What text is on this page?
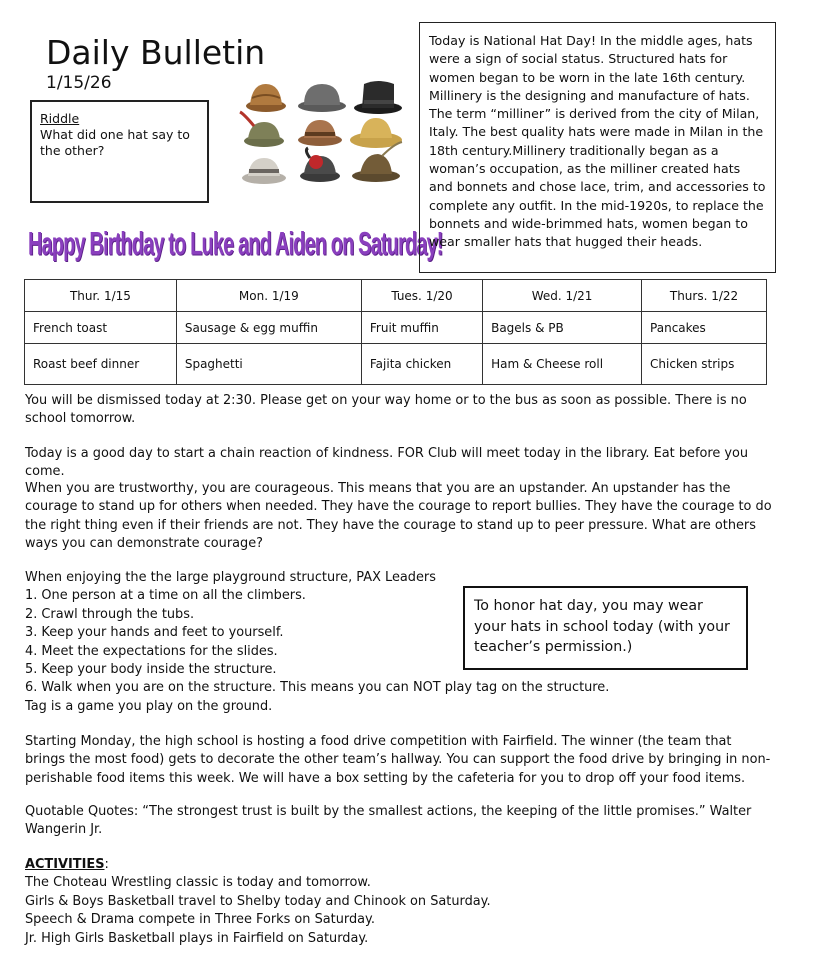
Daily Bulletin
1/15/26
Riddle
What did one hat say to the other?
Happy Birthday to Luke and Aiden on Saturday!
Today is National Hat Day! In the middle ages, hats were a sign of social status. Structured hats for women began to be worn in the late 16th century. Millinery is the designing and manufacture of hats. The term “milliner” is derived from the city of Milan, Italy. The best quality hats were made in Milan in the 18th century.Millinery traditionally began as a woman’s occupation, as the milliner created hats and bonnets and chose lace, trim, and accessories to complete any outfit. In the mid-1920s, to replace the bonnets and wide-brimmed hats, women began to wear smaller hats that hugged their heads.
Thur. 1/15	Mon. 1/19	Tues. 1/20	Wed. 1/21	Thurs. 1/22
French toast	Sausage & egg muffin	Fruit muffin	Bagels & PB	Pancakes
Roast beef dinner	Spaghetti	Fajita chicken	Ham & Cheese roll	Chicken strips
You will be dismissed today at 2:30. Please get on your way home or to the bus as soon as possible. There is no school tomorrow.
Today is a good day to start a chain reaction of kindness. FOR Club will meet today in the library. Eat before you come.
When you are trustworthy, you are courageous. This means that you are an upstander. An upstander has the courage to stand up for others when needed. They have the courage to report bullies. They have the courage to do the right thing even if their friends are not. They have the courage to stand up to peer pressure. What are others ways you can demonstrate courage?
When enjoying the the large playground structure, PAX Leaders
1. One person at a time on all the climbers.
2. Crawl through the tubs.
3. Keep your hands and feet to yourself.
4. Meet the expectations for the slides.
5. Keep your body inside the structure.
6. Walk when you are on the structure. This means you can NOT play tag on the structure.
Tag is a game you play on the ground.
To honor hat day, you may wear your hats in school today (with your teacher’s permission.)
Starting Monday, the high school is hosting a food drive competition with Fairfield. The winner (the team that brings the most food) gets to decorate the other team’s hallway. You can support the food drive by bringing in non-perishable food items this week. We will have a box setting by the cafeteria for you to drop off your food items.
Quotable Quotes: “The strongest trust is built by the smallest actions, the keeping of the little promises.” Walter Wangerin Jr.
ACTIVITIES:
The Choteau Wrestling classic is today and tomorrow.
Girls & Boys Basketball travel to Shelby today and Chinook on Saturday.
Speech & Drama compete in Three Forks on Saturday.
Jr. High Girls Basketball plays in Fairfield on Saturday.
